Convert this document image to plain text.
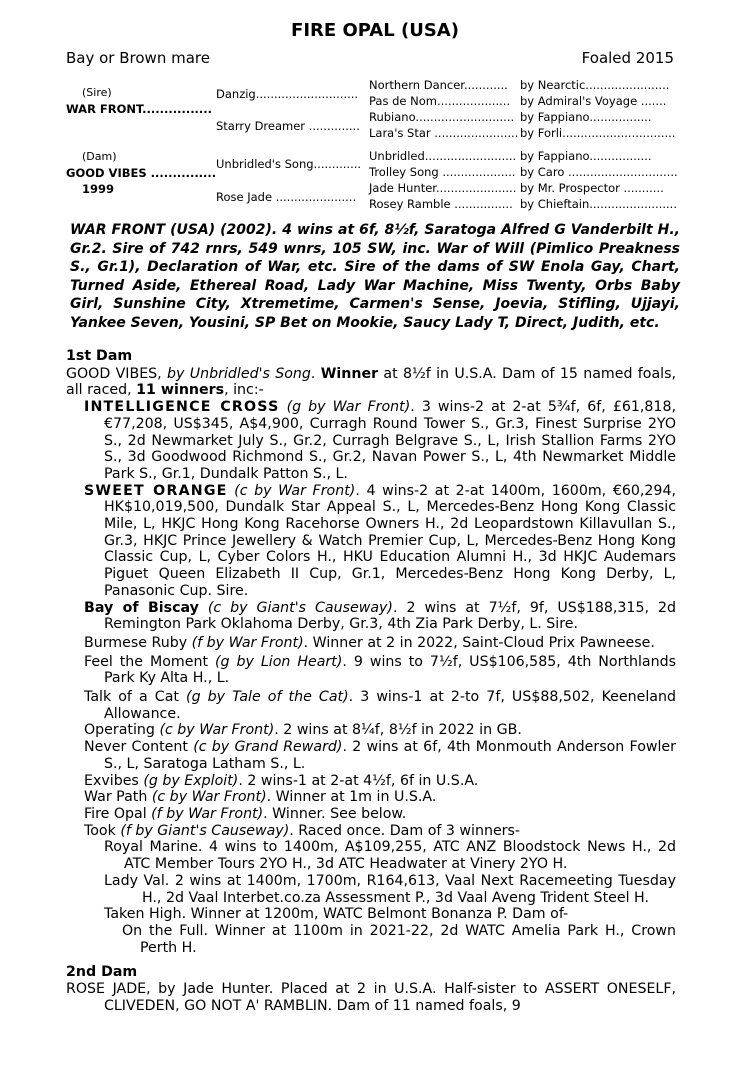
FIRE OPAL (USA)
Bay or Brown mare	Foaled 2015
(Sire)
WAR FRONT................
(Dam)
GOOD VIBES ...............
1999
Danzig............................
Starry Dreamer ..............
Unbridled's Song.............
Rose Jade ......................
Northern Dancer............
Pas de Nom....................
Rubiano...........................
Lara's Star .......................
Unbridled.........................
Trolley Song ....................
Jade Hunter......................
Rosey Ramble ................
by Nearctic.......................
by Admiral's Voyage .......
by Fappiano.................
by Forli...............................
by Fappiano.................
by Caro ..............................
by Mr. Prospector ...........
by Chieftain........................
WAR FRONT (USA) (2002). 4 wins at 6f, 8½f, Saratoga Alfred G Vanderbilt H., Gr.2. Sire of 742 rnrs, 549 wnrs, 105 SW, inc. War of Will (Pimlico Preakness S., Gr.1), Declaration of War, etc. Sire of the dams of SW Enola Gay, Chart, Turned Aside, Ethereal Road, Lady War Machine, Miss Twenty, Orbs Baby Girl, Sunshine City, Xtremetime, Carmen's Sense, Joevia, Stifling, Ujjayi, Yankee Seven, Yousini, SP Bet on Mookie, Saucy Lady T, Direct, Judith, etc.

1st Dam

GOOD VIBES, by Unbridled's Song. Winner at 8½f in U.S.A. Dam of 15 named foals, all raced, 11 winners, inc:-

INTELLIGENCE CROSS (g by War Front). 3 wins-2 at 2-at 5¾f, 6f, £61,818, €77,208, US$345, A$4,900, Curragh Round Tower S., Gr.3, Finest Surprise 2YO S., 2d Newmarket July S., Gr.2, Curragh Belgrave S., L, Irish Stallion Farms 2YO S., 3d Goodwood Richmond S., Gr.2, Navan Power S., L, 4th Newmarket Middle Park S., Gr.1, Dundalk Patton S., L.

SWEET ORANGE (c by War Front). 4 wins-2 at 2-at 1400m, 1600m, €60,294, HK$10,019,500, Dundalk Star Appeal S., L, Mercedes-Benz Hong Kong Classic Mile, L, HKJC Hong Kong Racehorse Owners H., 2d Leopardstown Killavullan S., Gr.3, HKJC Prince Jewellery & Watch Premier Cup, L, Mercedes-Benz Hong Kong Classic Cup, L, Cyber Colors H., HKU Education Alumni H., 3d HKJC Audemars Piguet Queen Elizabeth II Cup, Gr.1, Mercedes-Benz Hong Kong Derby, L, Panasonic Cup. Sire.

Bay of Biscay (c by Giant's Causeway). 2 wins at 7½f, 9f, US$188,315, 2d Remington Park Oklahoma Derby, Gr.3, 4th Zia Park Derby, L. Sire.

Burmese Ruby (f by War Front). Winner at 2 in 2022, Saint-Cloud Prix Pawneese.

Feel the Moment (g by Lion Heart). 9 wins to 7½f, US$106,585, 4th Northlands Park Ky Alta H., L.

Talk of a Cat (g by Tale of the Cat). 3 wins-1 at 2-to 7f, US$88,502, Keeneland Allowance.

Operating (c by War Front). 2 wins at 8¼f, 8½f in 2022 in GB.

Never Content (c by Grand Reward). 2 wins at 6f, 4th Monmouth Anderson Fowler S., L, Saratoga Latham S., L.

Exvibes (g by Exploit). 2 wins-1 at 2-at 4½f, 6f in U.S.A.

War Path (c by War Front). Winner at 1m in U.S.A.

Fire Opal (f by War Front). Winner. See below.

Took (f by Giant's Causeway). Raced once. Dam of 3 winners-

Royal Marine. 4 wins to 1400m, A$109,255, ATC ANZ Bloodstock News H., 2d ATC Member Tours 2YO H., 3d ATC Headwater at Vinery 2YO H.

Lady Val. 2 wins at 1400m, 1700m, R164,613, Vaal Next Racemeeting Tuesday H., 2d Vaal Interbet.co.za Assessment P., 3d Vaal Aveng Trident Steel H.

Taken High. Winner at 1200m, WATC Belmont Bonanza P. Dam of-

On the Full. Winner at 1100m in 2021-22, 2d WATC Amelia Park H., Crown Perth H.

2nd Dam

ROSE JADE, by Jade Hunter. Placed at 2 in U.S.A. Half-sister to ASSERT ONESELF, CLIVEDEN, GO NOT A' RAMBLIN. Dam of 11 named foals, 9
